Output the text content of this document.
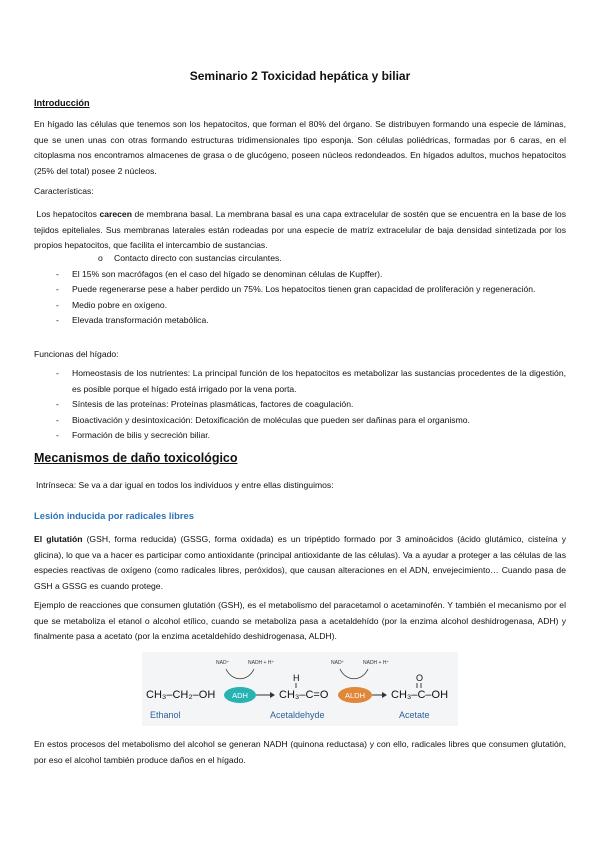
Seminario 2 Toxicidad hepática y biliar
Introducción
En hígado las células que tenemos son los hepatocitos, que forman el 80% del órgano. Se distribuyen formando una especie de láminas, que se unen unas con otras formando estructuras tridimensionales tipo esponja. Son células poliédricas, formadas por 6 caras, en el citoplasma nos encontramos almacenes de grasa o de glucógeno, poseen núcleos redondeados. En hígados adultos, muchos hepatocitos (25% del total) posee 2 núcleos.
Características:
Los hepatocitos carecen de membrana basal. La membrana basal es una capa extracelular de sostén que se encuentra en la base de los tejidos epiteliales. Sus membranas laterales están rodeadas por una especie de matriz extracelular de baja densidad sintetizada por los propios hepatocitos, que facilita el intercambio de sustancias.
o Contacto directo con sustancias circulantes.
- El 15% son macrófagos (en el caso del hígado se denominan células de Kupffer).
- Puede regenerarse pese a haber perdido un 75%. Los hepatocitos tienen gran capacidad de proliferación y regeneración.
- Medio pobre en oxígeno.
- Elevada transformación metabólica.
Funcionas del hígado:
- Homeostasis de los nutrientes: La principal función de los hepatocitos es metabolizar las sustancias procedentes de la digestión, es posible porque el hígado está irrigado por la vena porta.
- Síntesis de las proteínas: Proteínas plasmáticas, factores de coagulación.
- Bioactivación y desintoxicación: Detoxificación de moléculas que pueden ser dañinas para el organismo.
- Formación de bilis y secreción biliar.
Mecanismos de daño toxicológico
Intrínseca: Se va a dar igual en todos los individuos y entre ellas distinguimos:
Lesión inducida por radicales libres
El glutatión (GSH, forma reducida) (GSSG, forma oxidada) es un tripéptido formado por 3 aminoácidos (ácido glutámico, cisteína y glicina), lo que va a hacer es participar como antioxidante (principal antioxidante de las células). Va a ayudar a proteger a las células de las especies reactivas de oxígeno (como radicales libres, peróxidos), que causan alteraciones en el ADN, envejecimiento… Cuando pasa de GSH a GSSG es cuando protege.
Ejemplo de reacciones que consumen glutatión (GSH), es el metabolismo del paracetamol o acetaminofén. Y también el mecanismo por el que se metaboliza el etanol o alcohol etílico, cuando se metaboliza pasa a acetaldehído (por la enzima alcohol deshidrogenasa, ADH) y finalmente pasa a acetato (por la enzima acetaldehído deshidrogenasa, ALDH).
CH₃–CH₂–OH ADH
NAD⁺	NADH + H⁺
H
CH₃–C=O ALDH
NAD⁺	NADH + H⁺
O
CH₃–C–OH
Ethanol	Acetaldehyde	Acetate
En estos procesos del metabolismo del alcohol se generan NADH (quinona reductasa) y con ello, radicales libres que consumen glutatión, por eso el alcohol también produce daños en el hígado.
